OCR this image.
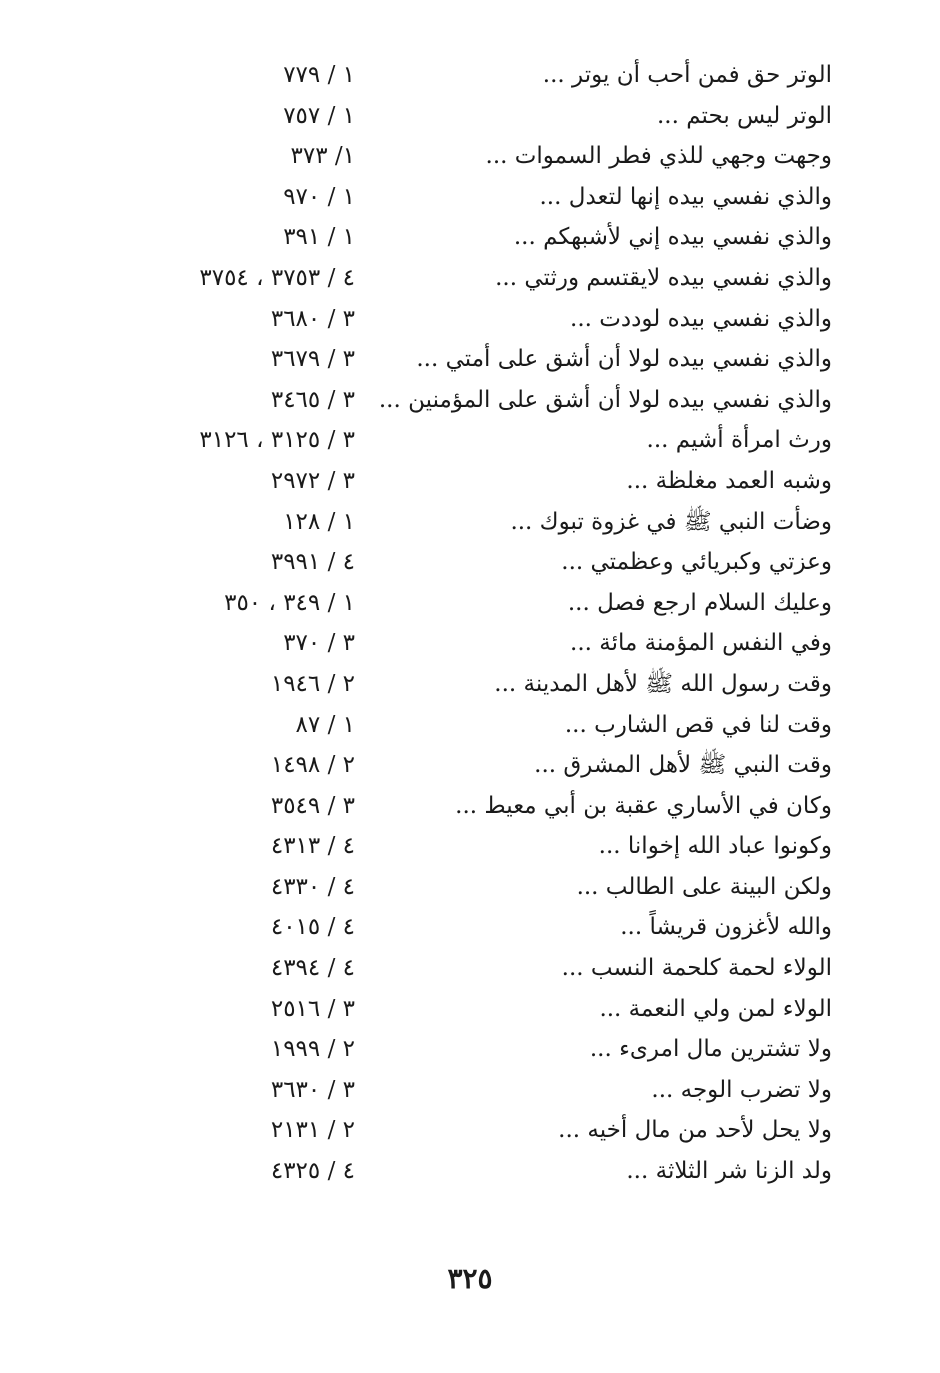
الوتر حق فمن أحب أن يوتر ...
١ / ٧٧٩
الوتر ليس بحتم ...
١ / ٧٥٧
وجهت وجهي للذي فطر السموات ...
١/ ٣٧٣
والذي نفسي بيده إنها لتعدل ...
١ / ٩٧٠
والذي نفسي بيده إني لأشبهكم ...
١ / ٣٩١
والذي نفسي بيده لايقتسم ورثتي ...
٤ / ٣٧٥٣ ، ٣٧٥٤
والذي نفسي بيده لوددت ...
٣ / ٣٦٨٠
والذي نفسي بيده لولا أن أشق على أمتي ...
٣ / ٣٦٧٩
والذي نفسي بيده لولا أن أشق على المؤمنين ...
٣ / ٣٤٦٥
ورث امرأة أشيم ...
٣ / ٣١٢٥ ، ٣١٢٦
وشبه العمد مغلظة ...
٣ / ٢٩٧٢
وضأت النبي ﷺ في غزوة تبوك ...
١ / ١٢٨
وعزتي وكبريائي وعظمتي ...
٤ / ٣٩٩١
وعليك السلام ارجع فصل ...
١ / ٣٤٩ ، ٣٥٠
وفي النفس المؤمنة مائة ...
٣ / ٣٧٠
وقت رسول الله ﷺ لأهل المدينة ...
٢ / ١٩٤٦
وقت لنا في قص الشارب ...
١ / ٨٧
وقت النبي ﷺ لأهل المشرق ...
٢ / ١٤٩٨
وكان في الأساري عقبة بن أبي معيط ...
٣ / ٣٥٤٩
وكونوا عباد الله إخوانا ...
٤ / ٤٣١٣
ولكن البينة على الطالب ...
٤ / ٤٣٣٠
والله لأغزون قريشاً ...
٤ / ٤٠١٥
الولاء لحمة كلحمة النسب ...
٤ / ٤٣٩٤
الولاء لمن ولي النعمة ...
٣ / ٢٥١٦
ولا تشترين مال امرىء ...
٢ / ١٩٩٩
ولا تضرب الوجه ...
٣ / ٣٦٣٠
ولا يحل لأحد من مال أخيه ...
٢ / ٢١٣١
ولد الزنا شر الثلاثة ...
٤ / ٤٣٢٥
٣٢٥
